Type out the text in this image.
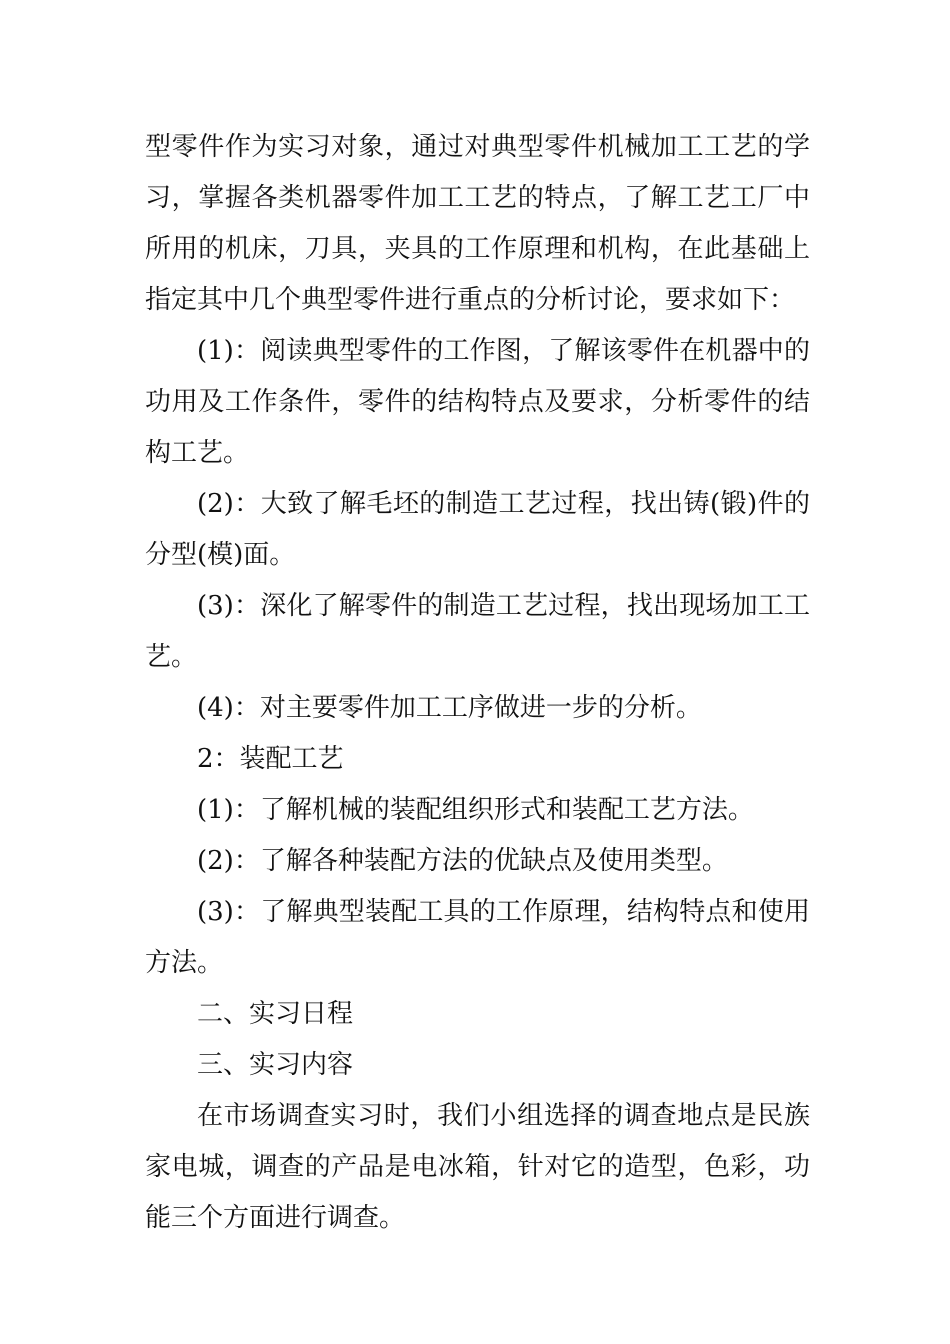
型零件作为实习对象，通过对典型零件机械加工工艺的学习，掌握各类机器零件加工工艺的特点，了解工艺工厂中所用的机床，刀具，夹具的工作原理和机构，在此基础上指定其中几个典型零件进行重点的分析讨论，要求如下：

(1)：阅读典型零件的工作图，了解该零件在机器中的功用及工作条件，零件的结构特点及要求，分析零件的结构工艺。

(2)：大致了解毛坯的制造工艺过程，找出铸(锻)件的分型(模)面。

(3)：深化了解零件的制造工艺过程，找出现场加工工艺。

(4)：对主要零件加工工序做进一步的分析。

2：装配工艺

(1)：了解机械的装配组织形式和装配工艺方法。

(2)：了解各种装配方法的优缺点及使用类型。

(3)：了解典型装配工具的工作原理，结构特点和使用方法。

二、实习日程

三、实习内容

在市场调查实习时，我们小组选择的调查地点是民族家电城，调查的产品是电冰箱，针对它的造型，色彩，功能三个方面进行调查。
